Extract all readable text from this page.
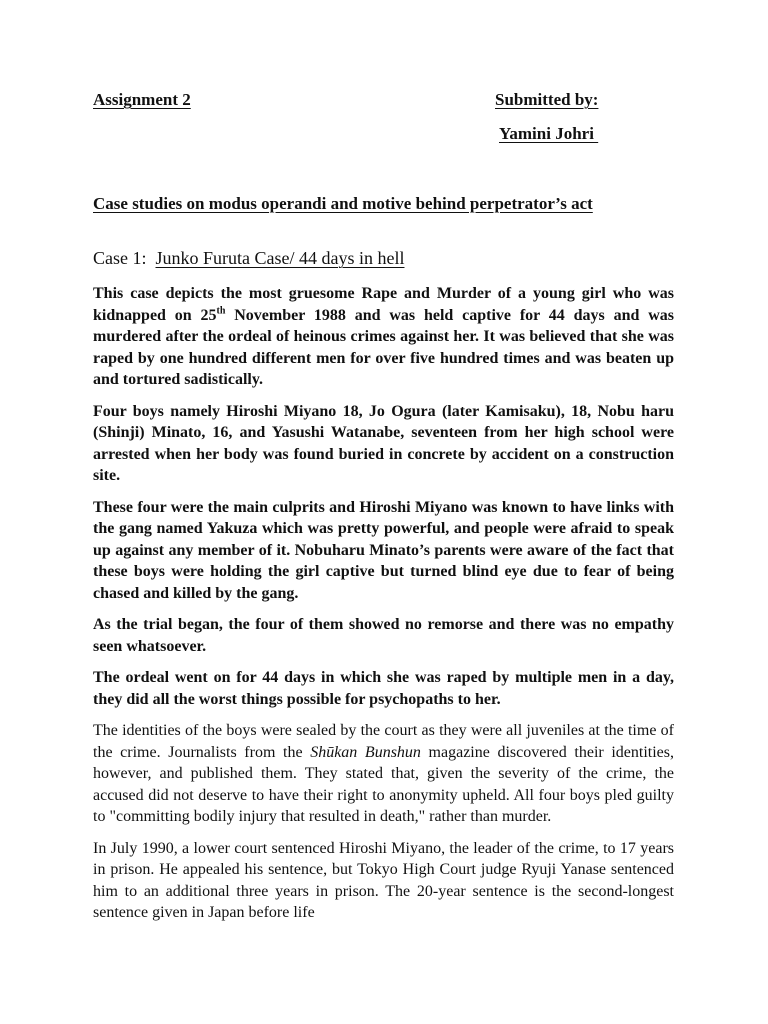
Assignment 2	Submitted by:
Yamini Johri
Case studies on modus operandi and motive behind perpetrator’s act
Case 1:  Junko Furuta Case/ 44 days in hell

This case depicts the most gruesome Rape and Murder of a young girl who was kidnapped on 25th November 1988 and was held captive for 44 days and was murdered after the ordeal of heinous crimes against her. It was believed that she was raped by one hundred different men for over five hundred times and was beaten up and tortured sadistically.

Four boys namely Hiroshi Miyano 18, Jo Ogura (later Kamisaku), 18, Nobu haru (Shinji) Minato, 16, and Yasushi Watanabe, seventeen from her high school were arrested when her body was found buried in concrete by accident on a construction site.

These four were the main culprits and Hiroshi Miyano was known to have links with the gang named Yakuza which was pretty powerful, and people were afraid to speak up against any member of it. Nobuharu Minato’s parents were aware of the fact that these boys were holding the girl captive but turned blind eye due to fear of being chased and killed by the gang.

As the trial began, the four of them showed no remorse and there was no empathy seen whatsoever.

The ordeal went on for 44 days in which she was raped by multiple men in a day, they did all the worst things possible for psychopaths to her.

The identities of the boys were sealed by the court as they were all juveniles at the time of the crime. Journalists from the Shūkan Bunshun magazine discovered their identities, however, and published them. They stated that, given the severity of the crime, the accused did not deserve to have their right to anonymity upheld. All four boys pled guilty to "committing bodily injury that resulted in death," rather than murder.

In July 1990, a lower court sentenced Hiroshi Miyano, the leader of the crime, to 17 years in prison. He appealed his sentence, but Tokyo High Court judge Ryuji Yanase sentenced him to an additional three years in prison. The 20-year sentence is the second-longest sentence given in Japan before life
